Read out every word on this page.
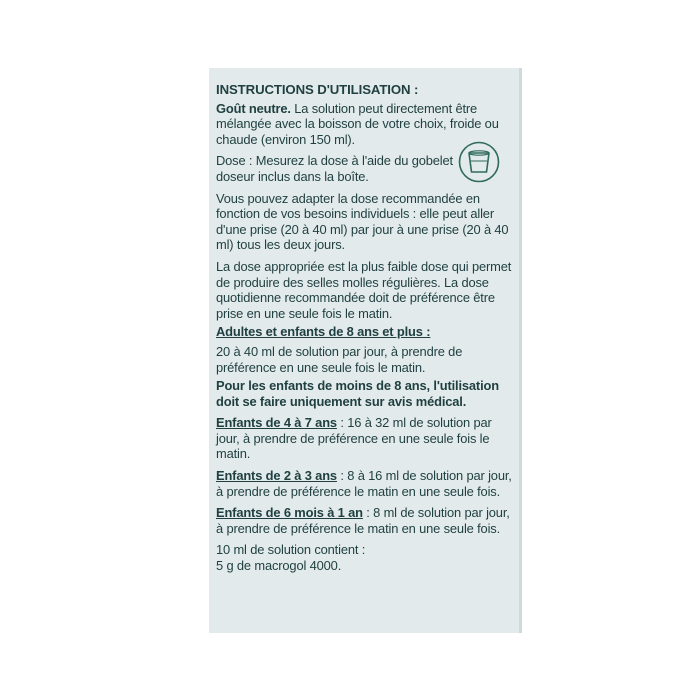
INSTRUCTIONS D'UTILISATION :
Goût neutre. La solution peut directement être mélangée avec la boisson de votre choix, froide ou chaude (environ 150 ml).
Dose : Mesurez la dose à l'aide du gobelet doseur inclus dans la boîte.
Vous pouvez adapter la dose recommandée en fonction de vos besoins individuels : elle peut aller d'une prise (20 à 40 ml) par jour à une prise (20 à 40 ml) tous les deux jours.
La dose appropriée est la plus faible dose qui permet de produire des selles molles régulières. La dose quotidienne recommandée doit de préférence être prise en une seule fois le matin.
Adultes et enfants de 8 ans et plus :
20 à 40 ml de solution par jour, à prendre de préférence en une seule fois le matin.
Pour les enfants de moins de 8 ans, l'utilisation doit se faire uniquement sur avis médical.
Enfants de 4 à 7 ans : 16 à 32 ml de solution par jour, à prendre de préférence en une seule fois le matin.
Enfants de 2 à 3 ans : 8 à 16 ml de solution par jour, à prendre de préférence le matin en une seule fois.
Enfants de 6 mois à 1 an : 8 ml de solution par jour, à prendre de préférence le matin en une seule fois.
10 ml de solution contient :
5 g de macrogol 4000.
